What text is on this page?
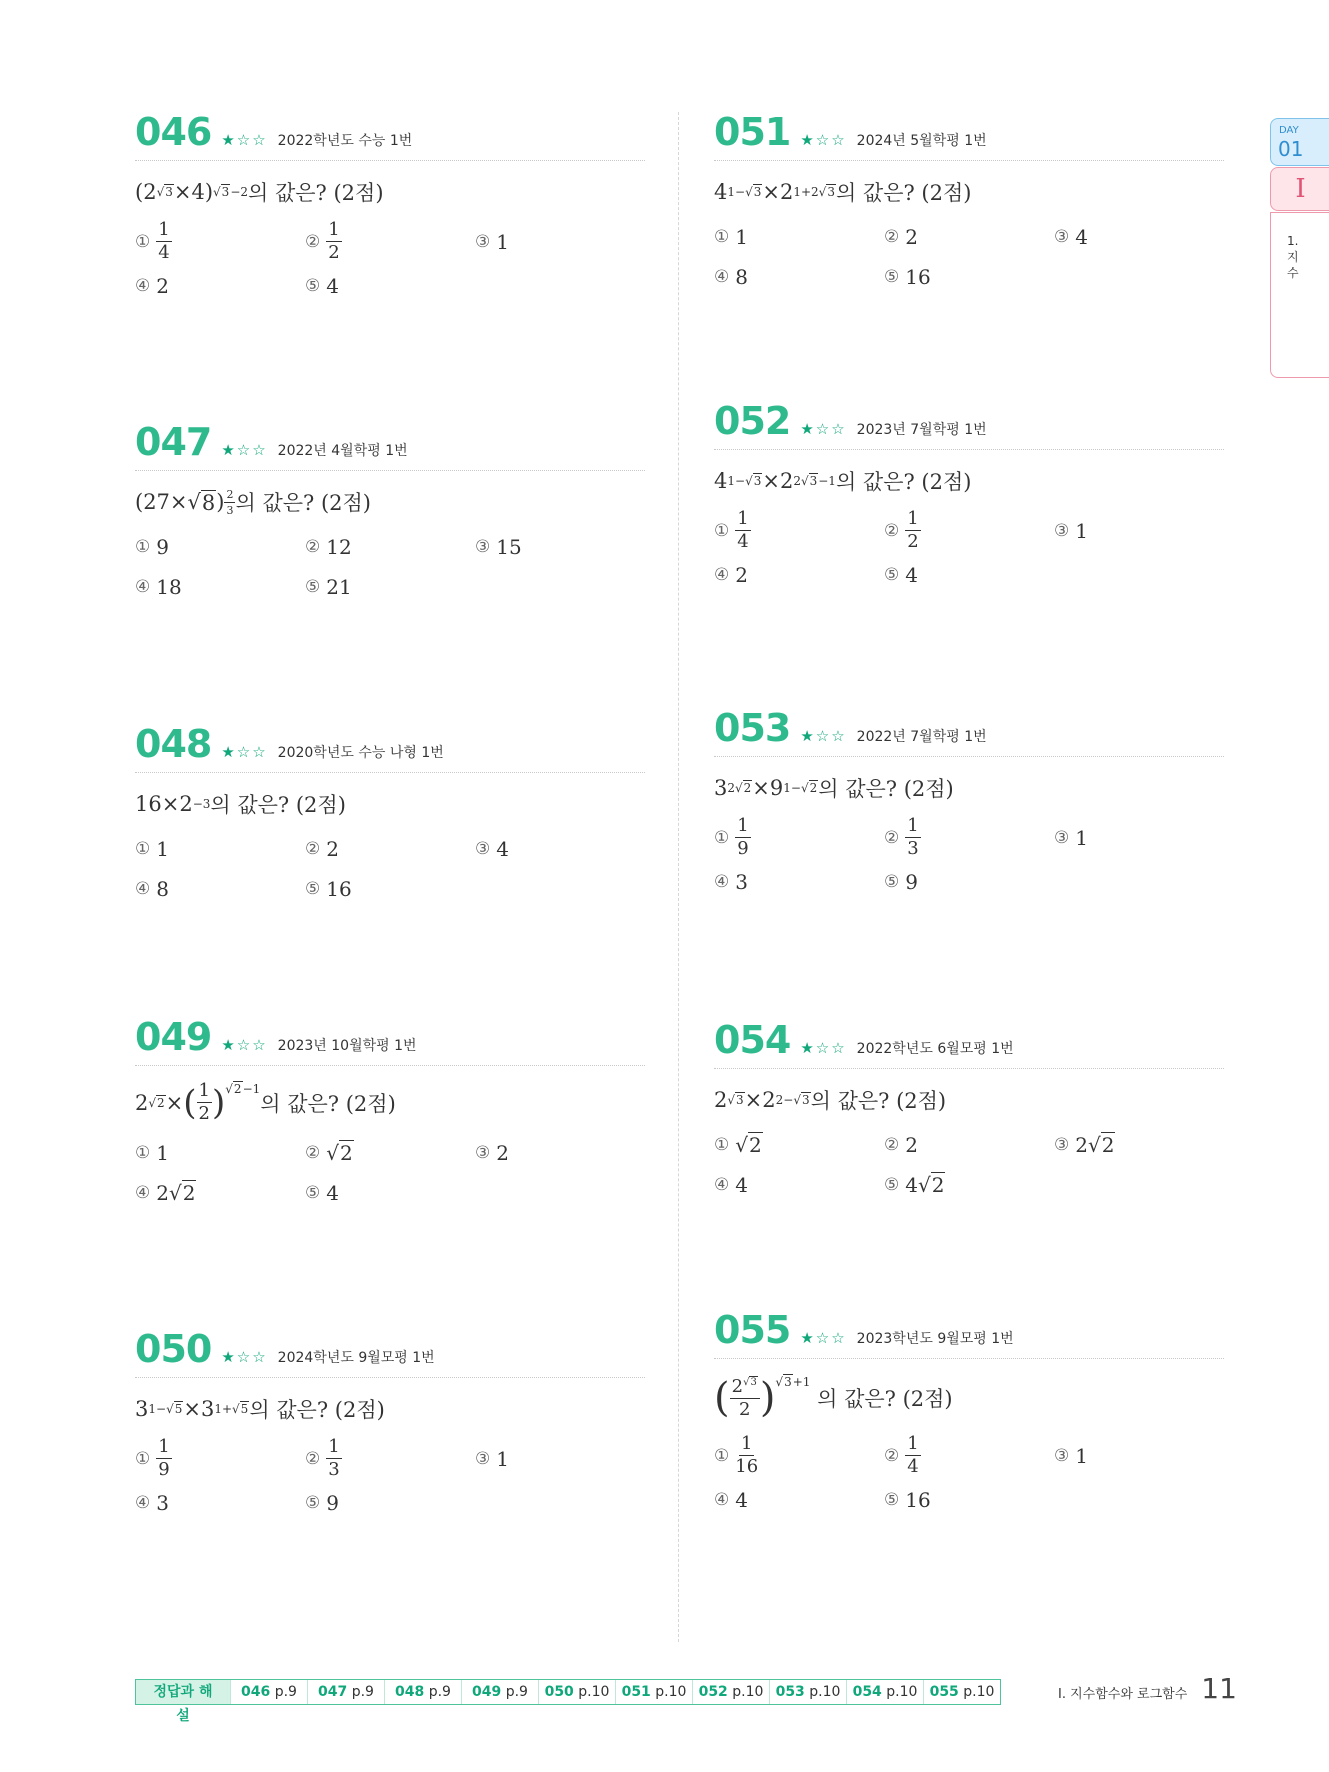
DAY
01
I
1. 지수
046 ★☆☆ 2022학년도 수능 1번
(2 √3 ×4) √3−2 의 값은? (2점)
① $\frac{1}{4}$	② $\frac{1}{2}$	③ 1
④ 2	⑤ 4
047 ★☆☆ 2022년 4월학평 1번
(27×√ 8 ) $\frac{2}{3}$ 의 값은? (2점)
① 9	② 12	③ 15
④ 18	⑤ 21
048 ★☆☆ 2020학년도 수능 나형 1번
16×2 −3 의 값은? (2점)
① 1	② 2	③ 4
④ 8	⑤ 16
049 ★☆☆ 2023년 10월학평 1번
2 √2 × ( $\frac{1}{2} )^{√2-1}$
의 값은? (2점)
① 1	② √2	③ 2
④ 2√2	⑤ 4
050 ★☆☆ 2024학년도 9월모평 1번
3 1−√5 ×3 1+√5 의 값은? (2점)
① $\frac{1}{9}$	② $\frac{1}{3}$	③ 1
④ 3	⑤ 9
051 ★☆☆ 2024년 5월학평 1번
4 1−√3 ×2 1+2√3 의 값은? (2점)
① 1	② 2	③ 4
④ 8	⑤ 16
052 ★☆☆ 2023년 7월학평 1번
4 1−√3 ×2 2√3−1 의 값은? (2점)
① $\frac{1}{4}$	② $\frac{1}{2}$	③ 1
④ 2	⑤ 4
053 ★☆☆ 2022년 7월학평 1번
3 2√2 ×9 1−√2 의 값은? (2점)
① $\frac{1}{9}$	② $\frac{1}{3}$	③ 1
④ 3	⑤ 9
054 ★☆☆ 2022학년도 6월모평 1번
2 √3 ×2 2−√3 의 값은? (2점)
① √2	② 2	③ 2√2
④ 4	⑤ 4√2
055 ★☆☆ 2023학년도 9월모평 1번
( $\frac{2^{√3}}{2} )^{√3+1}$

의 값은? (2점)
① $\frac{1}{16}$	② $\frac{1}{4}$	③ 1
④ 4	⑤ 16
정답과 해설
046 p.9	047 p.9	048 p.9	049 p.9	050 p.10 051 p.10 052 p.10 053 p.10 054 p.10 055 p.10	Ⅰ. 지수함수와 로그함수 11
